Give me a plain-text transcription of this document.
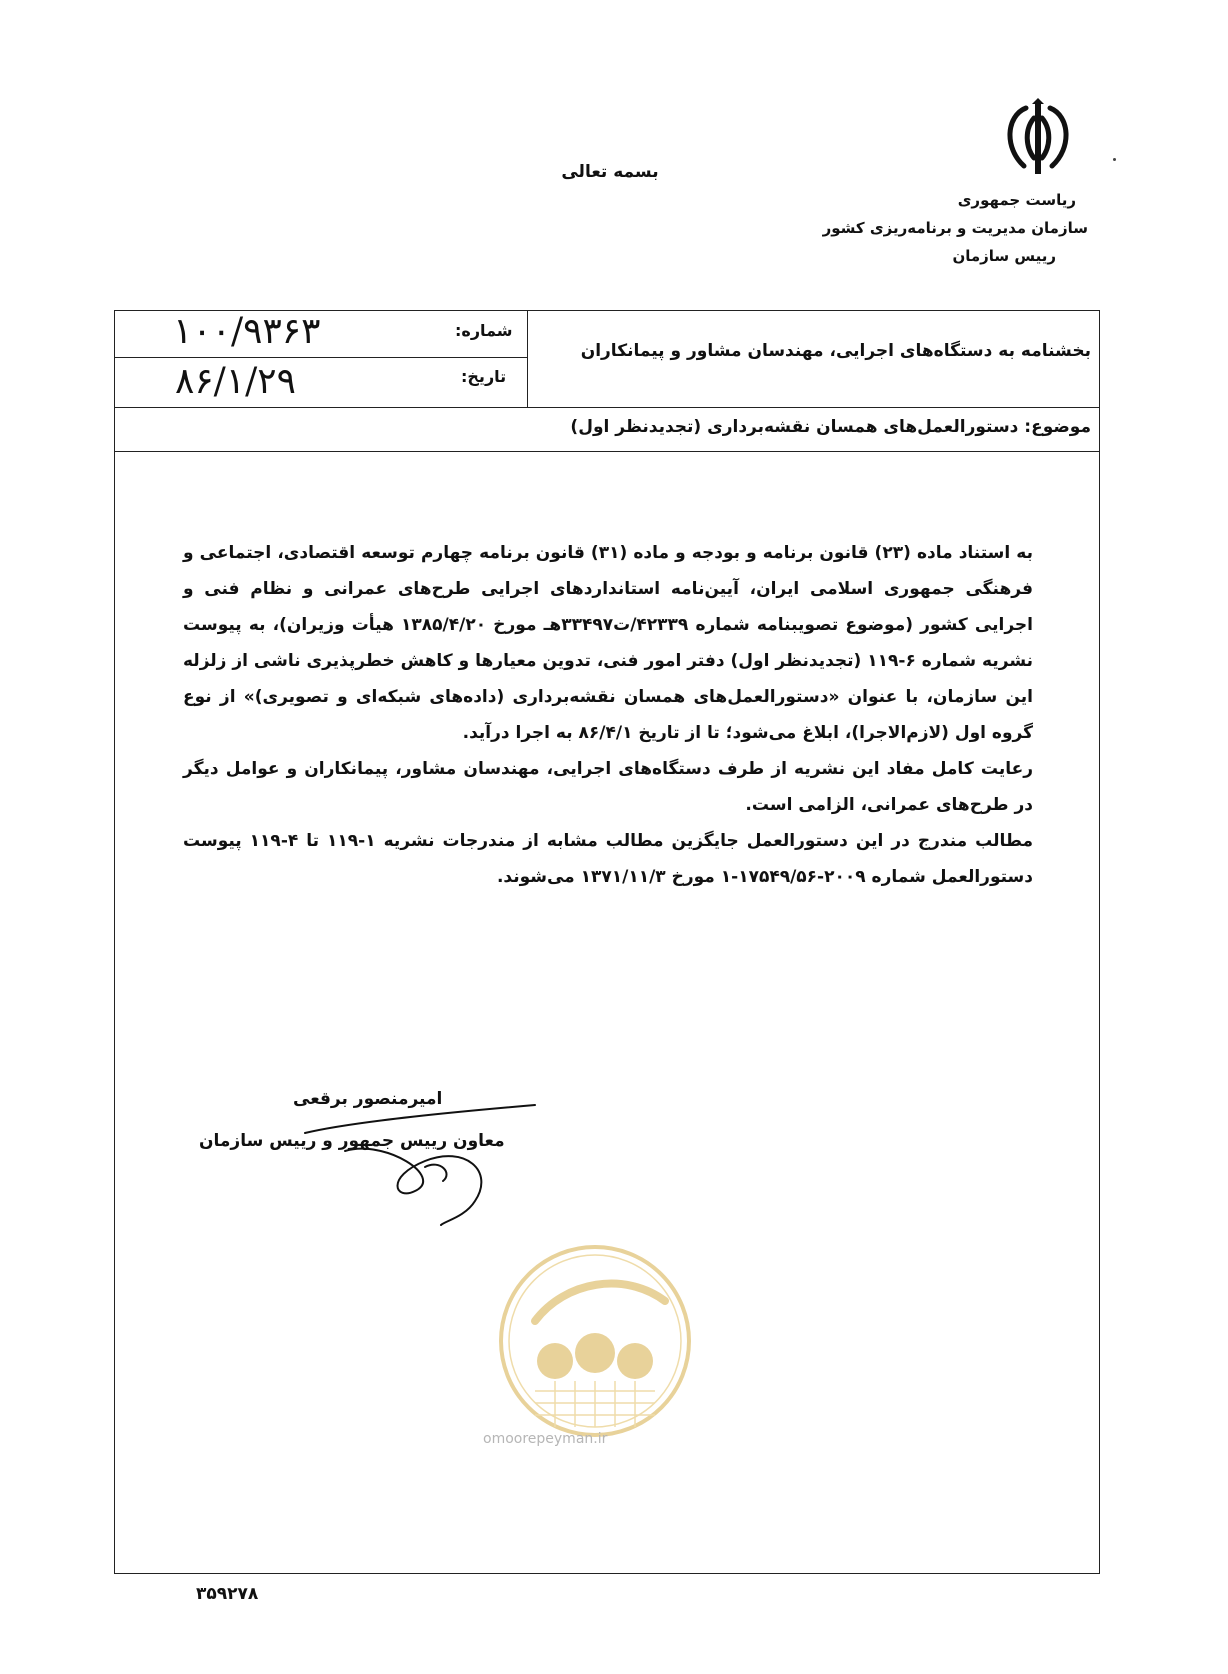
بسمه تعالی
ریاست جمهوری
سازمان مدیریت و برنامه‌ریزی کشور
رییس سازمان
شماره:
۱۰۰/۹۳۶۳
تاریخ:
۸۶/۱/۲۹
بخشنامه به دستگاه‌های اجرایی، مهندسان مشاور و پیمانکاران
موضوع: دستورالعمل‌های همسان نقشه‌برداری (تجدیدنظر اول)

به استناد ماده (۲۳) قانون برنامه و بودجه و ماده (۳۱) قانون برنامه چهارم توسعه اقتصادی، اجتماعی و فرهنگی جمهوری اسلامی ایران، آیین‌نامه استانداردهای اجرایی طرح‌های عمرانی و نظام فنی و اجرایی کشور (موضوع تصویبنامه شماره ۴۲۳۳۹/ت۳۳۴۹۷هـ مورخ ۱۳۸۵/۴/۲۰ هیأت وزیران)، به پیوست نشریه شماره ۶-۱۱۹ (تجدیدنظر اول) دفتر امور فنی، تدوین معیارها و کاهش خطرپذیری ناشی از زلزله این سازمان، با عنوان «دستورالعمل‌های همسان نقشه‌برداری (داده‌های شبکه‌ای و تصویری)» از نوع گروه اول (لازم‌الاجرا)، ابلاغ می‌شود؛ تا از تاریخ ۸۶/۴/۱ به اجرا درآید.

رعایت کامل مفاد این نشریه از طرف دستگاه‌های اجرایی، مهندسان مشاور، پیمانکاران و عوامل دیگر در طرح‌های عمرانی، الزامی است.

مطالب مندرج در این دستورالعمل جایگزین مطالب مشابه از مندرجات نشریه ۱-۱۱۹ تا ۴-۱۱۹ پیوست دستورالعمل شماره ۲۰۰۹-۱۷۵۴۹/۵۶-۱ مورخ ۱۳۷۱/۱۱/۳ می‌شوند.

امیرمنصور برقعی
معاون رییس جمهور و رییس سازمان
omoorepeyman.ir
۳۵۹۲۷۸
